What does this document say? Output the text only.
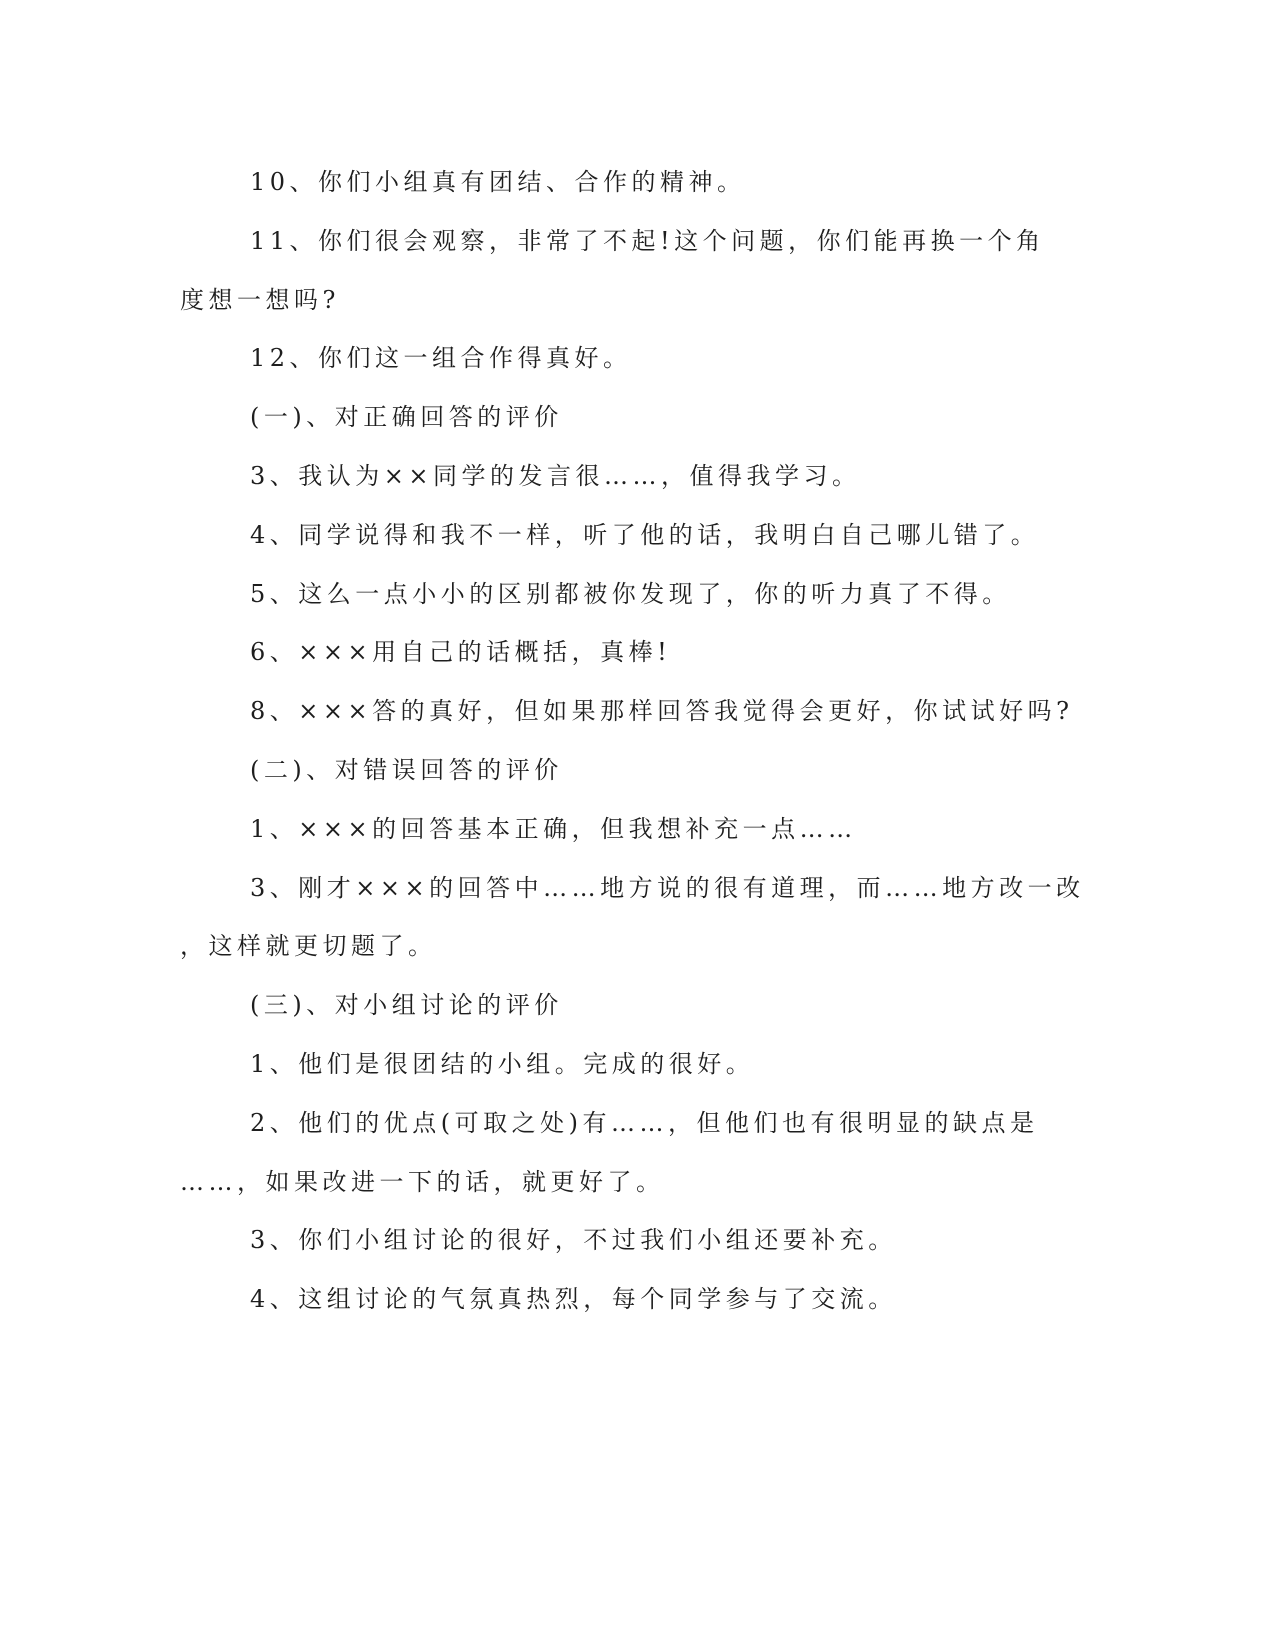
10、你们小组真有团结、合作的精神。

11、你们很会观察，非常了不起!这个问题，你们能再换一个角
度想一想吗?

12、你们这一组合作得真好。

(一)、对正确回答的评价

3、我认为××同学的发言很……，值得我学习。

4、同学说得和我不一样，听了他的话，我明白自己哪儿错了。

5、这么一点小小的区别都被你发现了，你的听力真了不得。

6、×××用自己的话概括，真棒!

8、×××答的真好，但如果那样回答我觉得会更好，你试试好吗?

(二)、对错误回答的评价

1、×××的回答基本正确，但我想补充一点……

3、刚才×××的回答中……地方说的很有道理，而……地方改一改
，这样就更切题了。

(三)、对小组讨论的评价

1、他们是很团结的小组。完成的很好。

2、他们的优点(可取之处)有……，但他们也有很明显的缺点是
……，如果改进一下的话，就更好了。

3、你们小组讨论的很好，不过我们小组还要补充。

4、这组讨论的气氛真热烈，每个同学参与了交流。
